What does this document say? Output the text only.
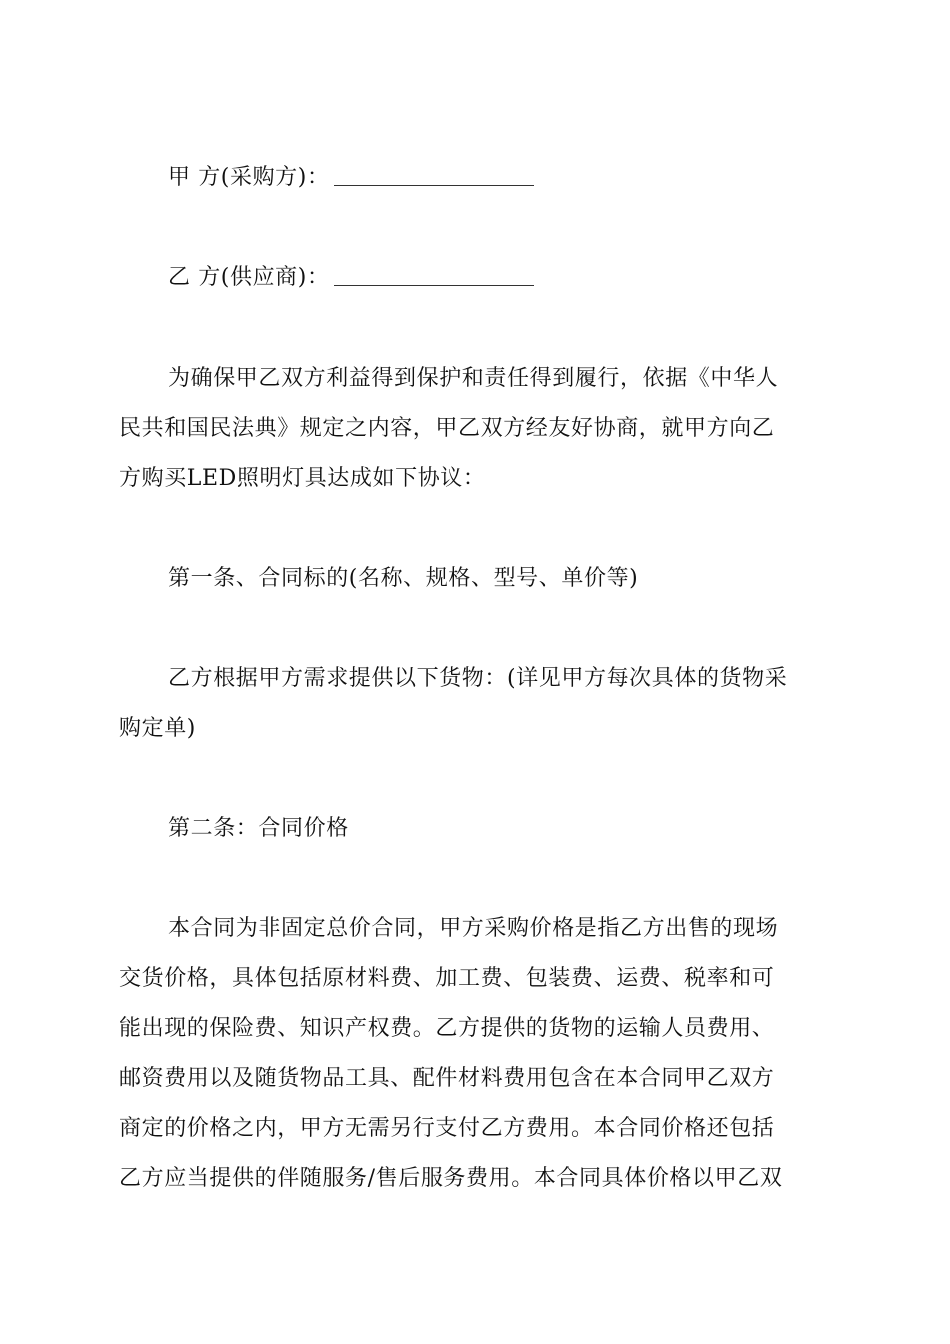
甲 方(采购方)：
乙 方(供应商)：
为确保甲乙双方利益得到保护和责任得到履行，依据《中华人
民共和国民法典》规定之内容，甲乙双方经友好协商，就甲方向乙
方购买LED照明灯具达成如下协议：
第一条、合同标的(名称、规格、型号、单价等)
乙方根据甲方需求提供以下货物：(详见甲方每次具体的货物采
购定单)
第二条：合同价格
本合同为非固定总价合同，甲方采购价格是指乙方出售的现场
交货价格，具体包括原材料费、加工费、包装费、运费、税率和可
能出现的保险费、知识产权费。乙方提供的货物的运输人员费用、
邮资费用以及随货物品工具、配件材料费用包含在本合同甲乙双方
商定的价格之内，甲方无需另行支付乙方费用。本合同价格还包括
乙方应当提供的伴随服务/售后服务费用。本合同具体价格以甲乙双
